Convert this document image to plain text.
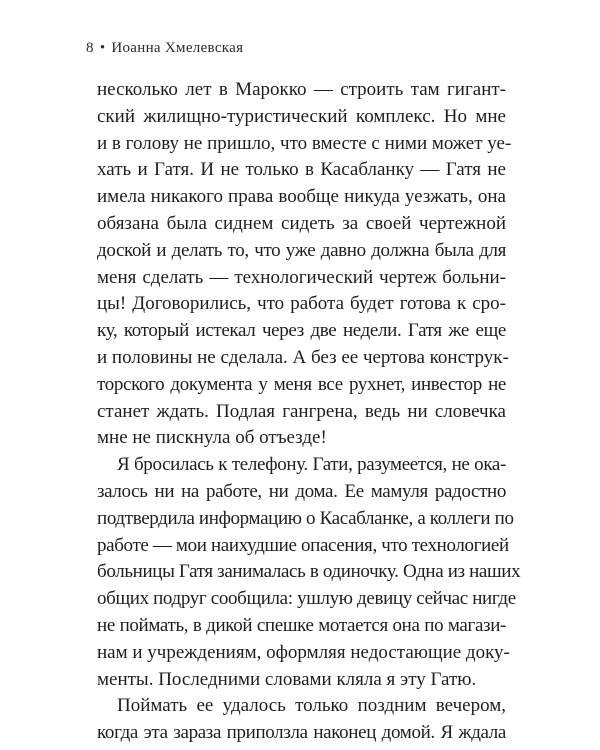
8 • Иоанна Хмелевская

несколько лет в Марокко — строить там гигант-
ский жилищно-туристический комплекс. Но мне
и в голову не пришло, что вместе с ними может уе-
хать и Гатя. И не только в Касабланку — Гатя не
имела никакого права вообще никуда уезжать, она
обязана была сиднем сидеть за своей чертежной
доской и делать то, что уже давно должна была для
меня сделать — технологический чертеж больни-
цы! Договорились, что работа будет готова к сро-
ку, который истекал через две недели. Гатя же еще
и половины не сделала. А без ее чертова конструк-
торского документа у меня все рухнет, инвестор не
станет ждать. Подлая гангрена, ведь ни словечка
мне не пискнула об отъезде!

Я бросилась к телефону. Гати, разумеется, не ока-
залось ни на работе, ни дома. Ее мамуля радостно
подтвердила информацию о Касабланке, а коллеги по
работе — мои наихудшие опасения, что технологией
больницы Гатя занималась в одиночку. Одна из наших
общих подруг сообщила: ушлую девицу сейчас нигде
не поймать, в дикой спешке мотается она по магази-
нам и учреждениям, оформляя недостающие доку-
менты. Последними словами кляла я эту Гатю.

Поймать ее удалось только поздним вечером,
когда эта зараза приползла наконец домой. Я ждала
